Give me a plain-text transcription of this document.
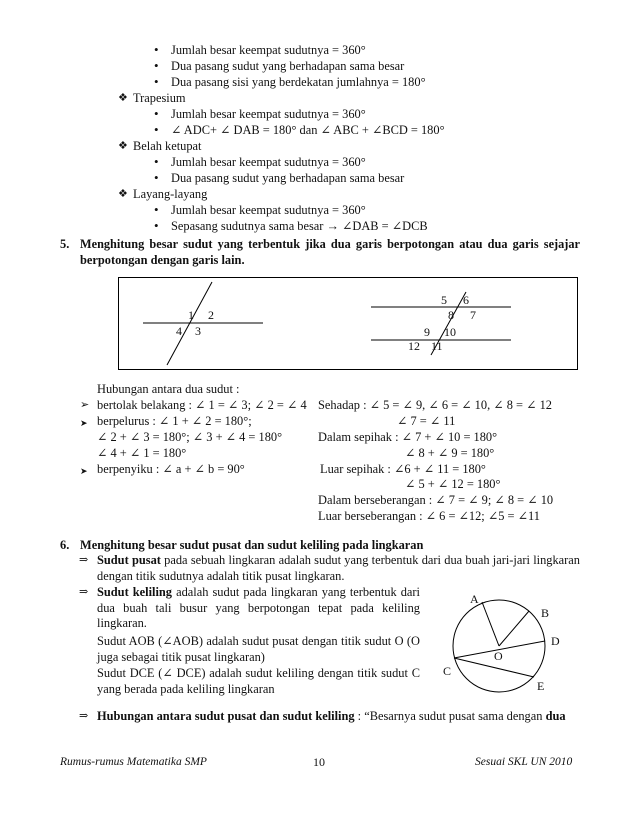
• Jumlah besar keempat sudutnya = 360°
• Dua pasang sudut yang berhadapan sama besar
• Dua pasang sisi yang berdekatan jumlahnya = 180°
❖ Trapesium
• Jumlah besar keempat sudutnya = 360°
• ∠ ADC+ ∠ DAB = 180° dan ∠ ABC + ∠BCD = 180°
❖ Belah ketupat
• Jumlah besar keempat sudutnya = 360°
• Dua pasang sudut yang berhadapan sama besar
❖ Layang-layang
• Jumlah besar keempat sudutnya = 360°
• Sepasang sudutnya sama besar → ∠DAB = ∠DCB
5. Menghitung besar sudut yang terbentuk jika dua garis berpotongan atau dua garis sejajar
berpotongan dengan garis lain.
1 2
4 3
5 6
8 7
9 10
12 11
Hubungan antara dua sudut :
➢ bertolak belakang : ∠ 1 = ∠ 3; ∠ 2 = ∠ 4
➤ berpelurus : ∠ 1 + ∠ 2 = 180°;
∠ 2 + ∠ 3 = 180°; ∠ 3 + ∠ 4 = 180°
∠ 4 + ∠ 1 = 180°
➤ berpenyiku : ∠ a + ∠ b = 90°
Sehadap : ∠ 5 = ∠ 9, ∠ 6 = ∠ 10, ∠ 8 = ∠ 12
∠ 7 = ∠ 11
Dalam sepihak : ∠ 7 + ∠ 10 = 180°
∠ 8 + ∠ 9 = 180°
Luar sepihak : ∠6 + ∠ 11 = 180°
∠ 5 + ∠ 12 = 180°
Dalam berseberangan : ∠ 7 = ∠ 9; ∠ 8 = ∠ 10
Luar berseberangan : ∠ 6 = ∠12; ∠5 = ∠11
6. Menghitung besar sudut pusat dan sudut keliling pada lingkaran
⇒ Sudut pusat pada sebuah lingkaran adalah sudut yang terbentuk dari dua buah jari-jari lingkaran dengan titik sudutnya adalah titik pusat lingkaran.
⇒ Sudut keliling adalah sudut pada lingkaran yang terbentuk dari dua buah tali busur yang berpotongan tepat pada keliling lingkaran.
Sudut AOB (∠AOB) adalah sudut pusat dengan titik sudut O (O juga sebagai titik pusat lingkaran)
Sudut DCE (∠ DCE) adalah sudut keliling dengan titik sudut C yang berada pada keliling lingkaran
A
B
D
O
C
E
⇒ Hubungan antara sudut pusat dan sudut keliling : “Besarnya sudut pusat sama dengan dua
Rumus-rumus Matematika SMP	10	Sesuai SKL UN 2010
